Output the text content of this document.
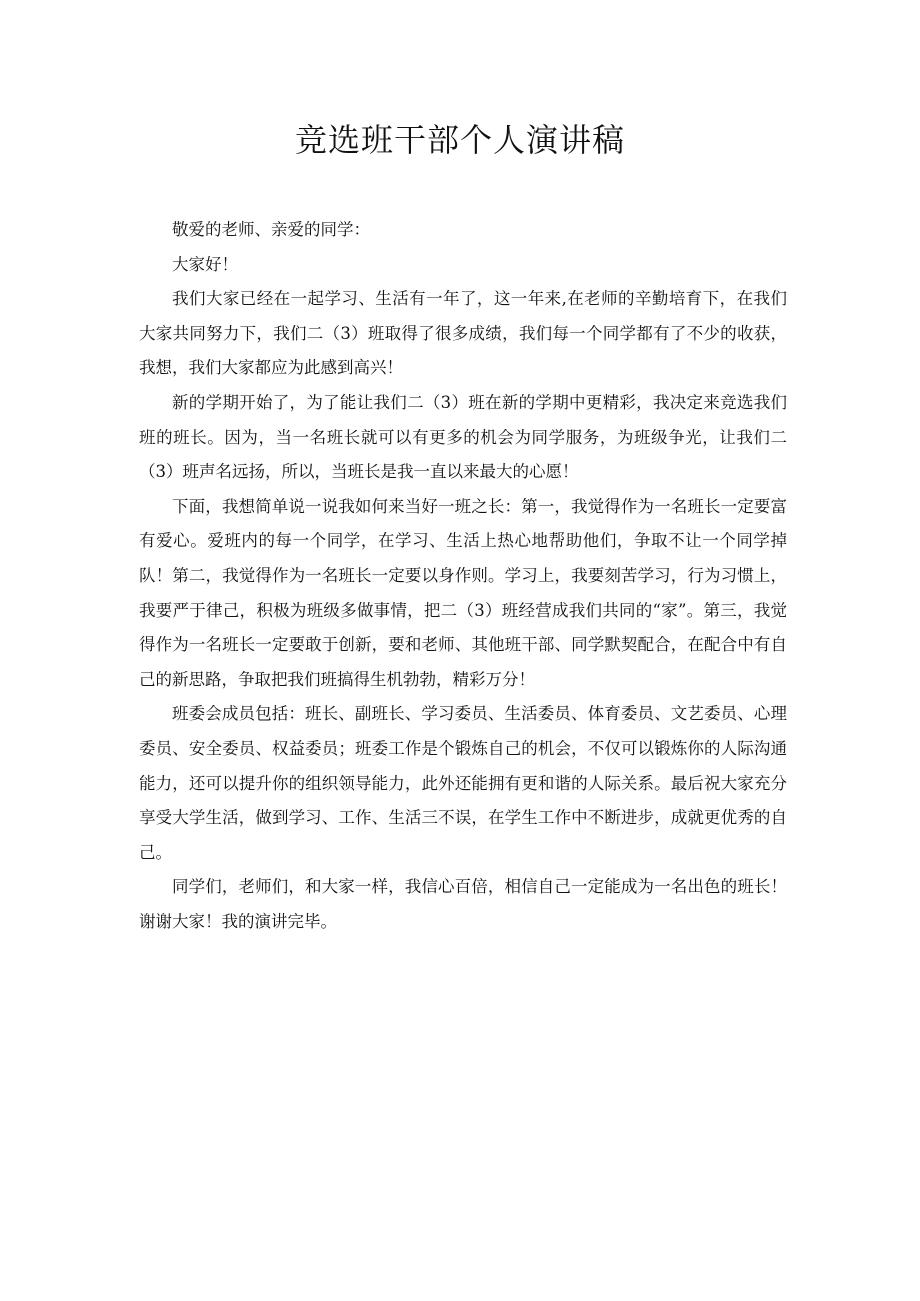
竞选班干部个人演讲稿

敬爱的老师、亲爱的同学：

大家好！

我们大家已经在一起学习、生活有一年了，这一年来,在老师的辛勤培育下，在我们大家共同努力下，我们二（3）班取得了很多成绩，我们每一个同学都有了不少的收获，我想，我们大家都应为此感到高兴！

新的学期开始了，为了能让我们二（3）班在新的学期中更精彩，我决定来竞选我们班的班长。因为，当一名班长就可以有更多的机会为同学服务，为班级争光，让我们二（3）班声名远扬，所以，当班长是我一直以来最大的心愿！

下面，我想简单说一说我如何来当好一班之长：第一，我觉得作为一名班长一定要富有爱心。爱班内的每一个同学，在学习、生活上热心地帮助他们，争取不让一个同学掉队！第二，我觉得作为一名班长一定要以身作则。学习上，我要刻苦学习，行为习惯上，我要严于律己，积极为班级多做事情，把二（3）班经营成我们共同的“家”。第三，我觉得作为一名班长一定要敢于创新，要和老师、其他班干部、同学默契配合，在配合中有自己的新思路，争取把我们班搞得生机勃勃，精彩万分！

班委会成员包括：班长、副班长、学习委员、生活委员、体育委员、文艺委员、心理委员、安全委员、权益委员；班委工作是个锻炼自己的机会，不仅可以锻炼你的人际沟通能力，还可以提升你的组织领导能力，此外还能拥有更和谐的人际关系。最后祝大家充分享受大学生活，做到学习、工作、生活三不误，在学生工作中不断进步，成就更优秀的自己。

同学们，老师们，和大家一样，我信心百倍，相信自己一定能成为一名出色的班长！谢谢大家！我的演讲完毕。
